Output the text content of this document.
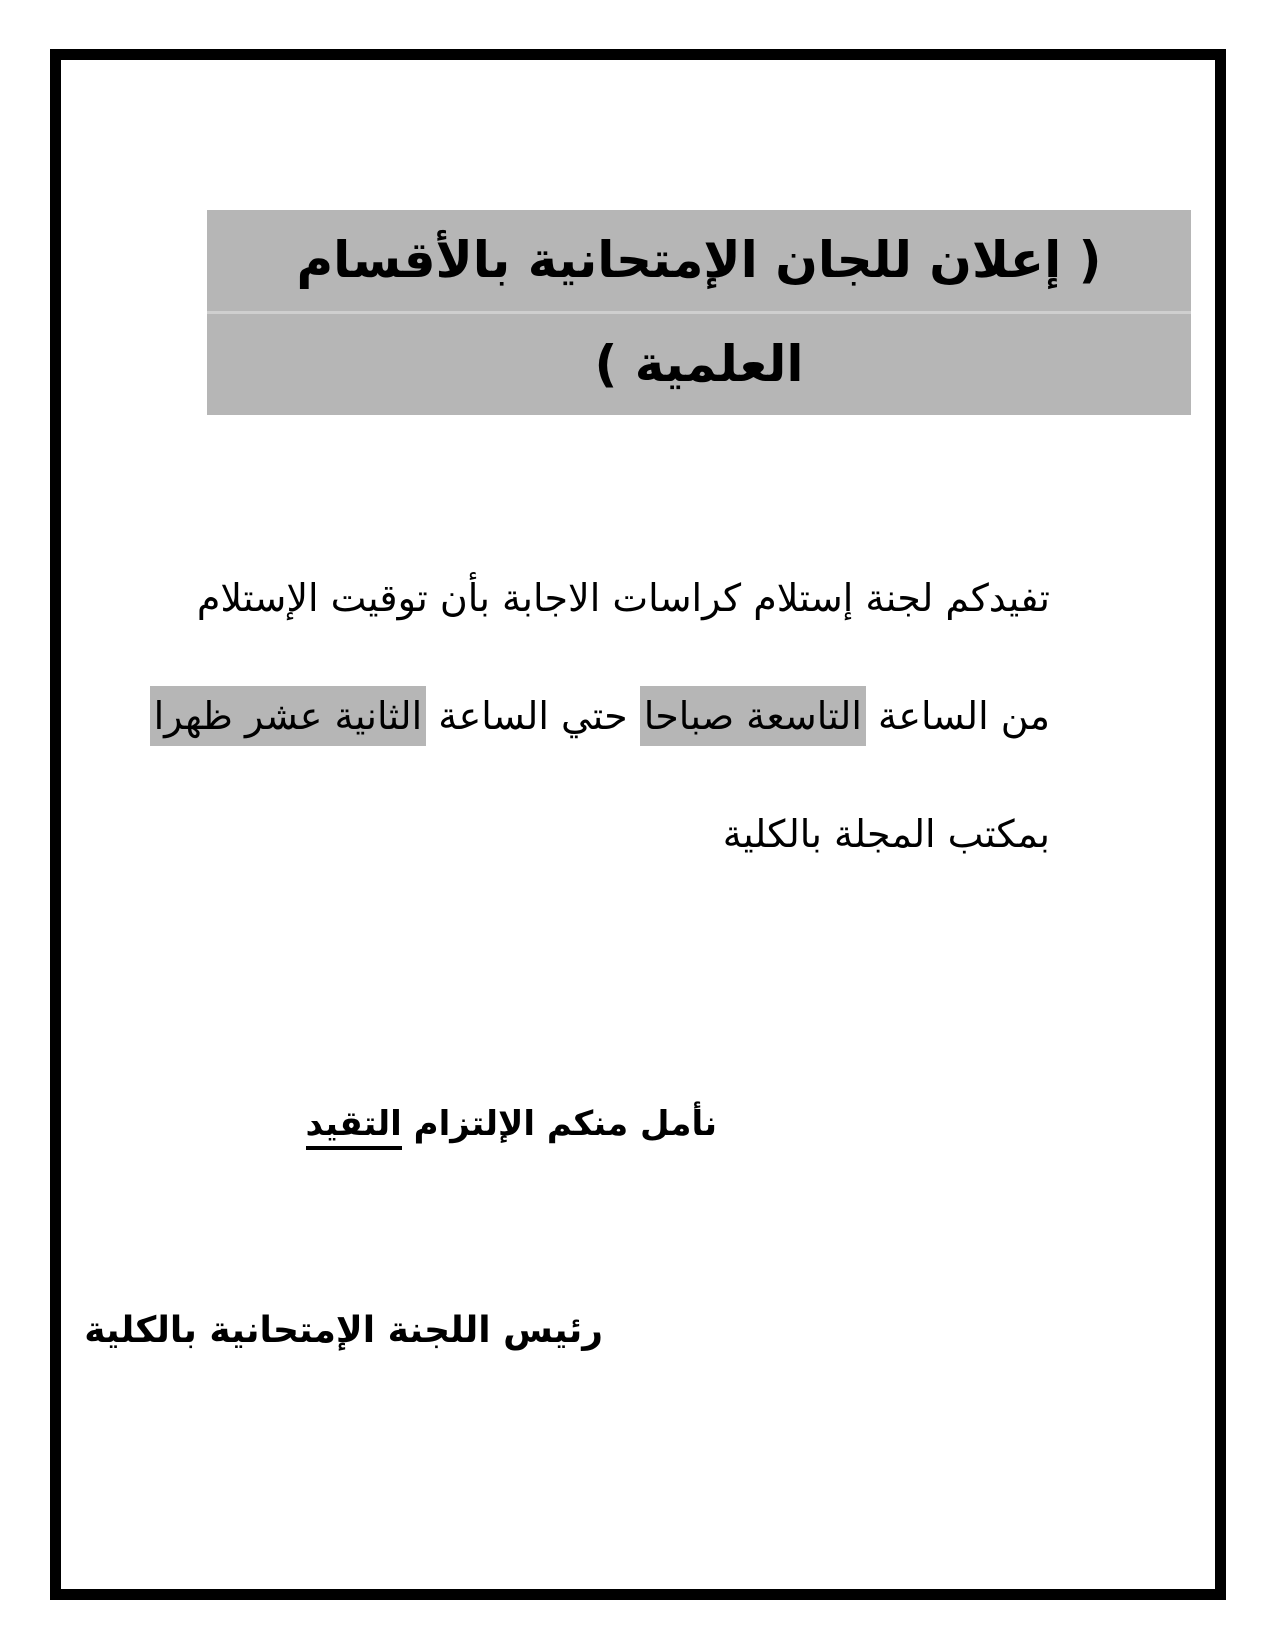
( إعلان للجان الإمتحانية بالأقسام
العلمية )
تفيدكم لجنة إستلام كراسات الاجابة بأن توقيت الإستلام
من الساعة التاسعة صباحا حتي الساعة الثانية عشر ظهرا
بمكتب المجلة بالكلية
نأمل منكم الإلتزام التقيد
رئيس اللجنة الإمتحانية بالكلية
